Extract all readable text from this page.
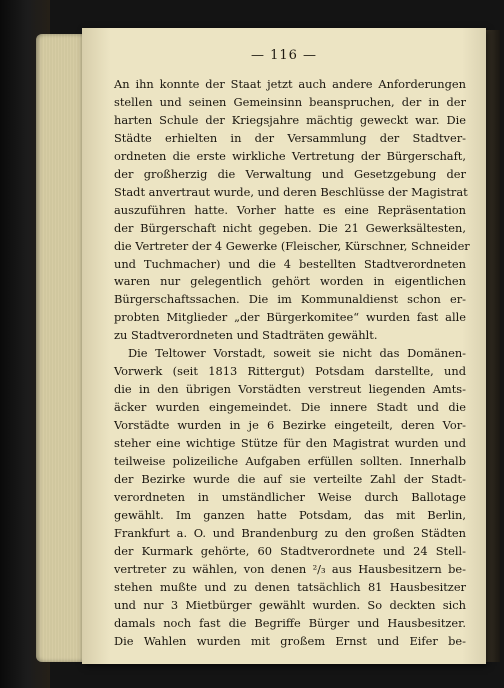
— 116 —
An ihn konnte der Staat jetzt auch andere Anforderungen
stellen und seinen Gemeinsinn beanspruchen, der in der
harten Schule der Kriegsjahre mächtig geweckt war. Die
Städte erhielten in der Versammlung der Stadtver-
ordneten die erste wirkliche Vertretung der Bürgerschaft,
der großherzig die Verwaltung und Gesetzgebung der
Stadt anvertraut wurde, und deren Beschlüsse der Magistrat
auszuführen hatte. Vorher hatte es eine Repräsentation
der Bürgerschaft nicht gegeben. Die 21 Gewerksältesten,
die Vertreter der 4 Gewerke (Fleischer, Kürschner, Schneider
und Tuchmacher) und die 4 bestellten Stadtverordneten
waren nur gelegentlich gehört worden in eigentlichen
Bürgerschaftssachen. Die im Kommunaldienst schon er-
probten Mitglieder „der Bürgerkomitee“ wurden fast alle
zu Stadtverordneten und Stadträten gewählt.
Die Teltower Vorstadt, soweit sie nicht das Domänen-
Vorwerk (seit 1813 Rittergut) Potsdam darstellte, und
die in den übrigen Vorstädten verstreut liegenden Amts-
äcker wurden eingemeindet. Die innere Stadt und die
Vorstädte wurden in je 6 Bezirke eingeteilt, deren Vor-
steher eine wichtige Stütze für den Magistrat wurden und
teilweise polizeiliche Aufgaben erfüllen sollten. Innerhalb
der Bezirke wurde die auf sie verteilte Zahl der Stadt-
verordneten in umständlicher Weise durch Ballotage
gewählt. Im ganzen hatte Potsdam, das mit Berlin,
Frankfurt a. O. und Brandenburg zu den großen Städten
der Kurmark gehörte, 60 Stadtverordnete und 24 Stell-
vertreter zu wählen, von denen ²/₃ aus Hausbesitzern be-
stehen mußte und zu denen tatsächlich 81 Hausbesitzer
und nur 3 Mietbürger gewählt wurden. So deckten sich
damals noch fast die Begriffe Bürger und Hausbesitzer.
Die Wahlen wurden mit großem Ernst und Eifer be-
